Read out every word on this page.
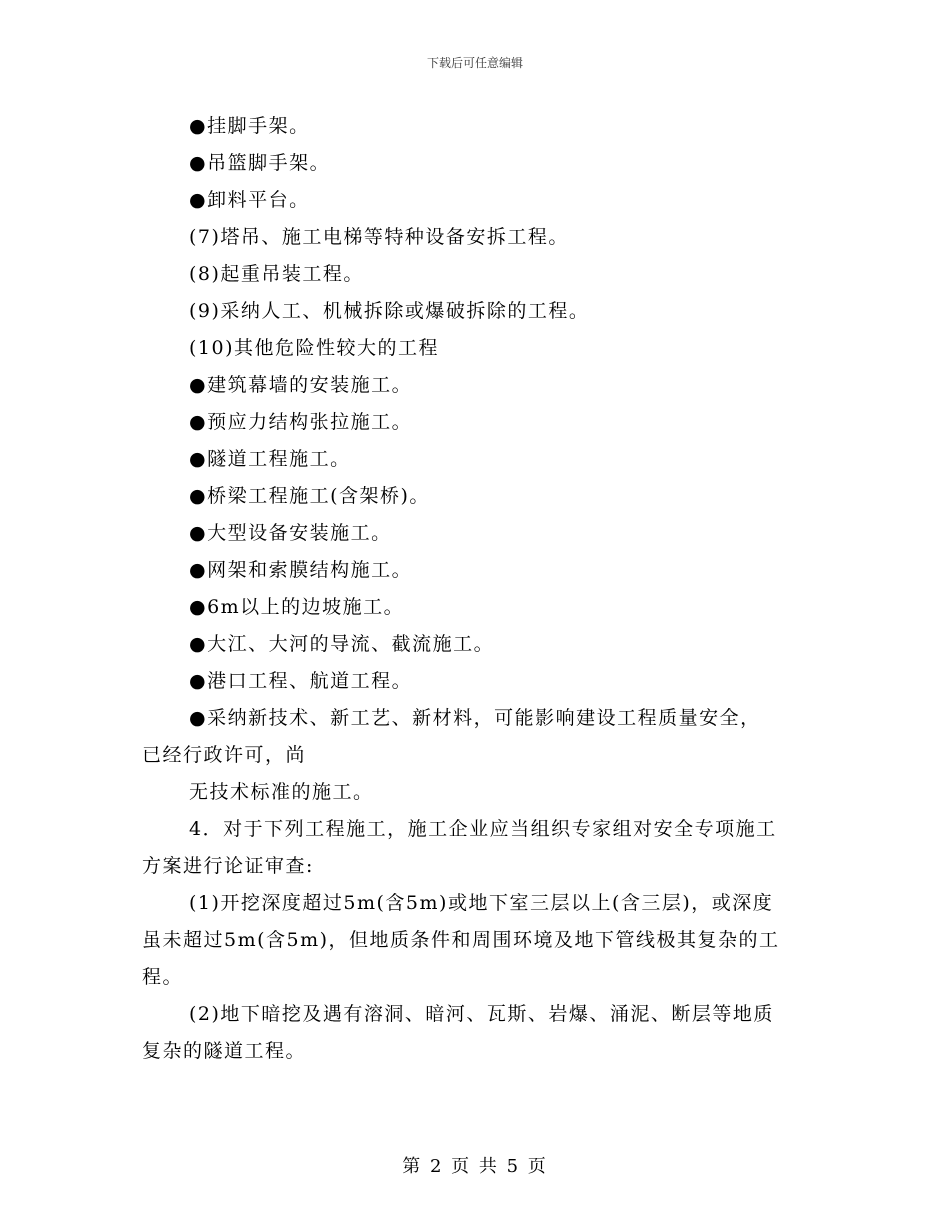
下载后可任意编辑

●挂脚手架。

●吊篮脚手架。

●卸料平台。

(7)塔吊、施工电梯等特种设备安拆工程。

(8)起重吊装工程。

(9)采纳人工、机械拆除或爆破拆除的工程。

(10)其他危险性较大的工程

●建筑幕墙的安装施工。

●预应力结构张拉施工。

●隧道工程施工。

●桥梁工程施工(含架桥)。

●大型设备安装施工。

●网架和索膜结构施工。

●6m以上的边坡施工。

●大江、大河的导流、截流施工。

●港口工程、航道工程。

●采纳新技术、新工艺、新材料，可能影响建设工程质量安全，

已经行政许可，尚

无技术标准的施工。

4．对于下列工程施工，施工企业应当组织专家组对安全专项施工

方案进行论证审查:

(1)开挖深度超过5m(含5m)或地下室三层以上(含三层)，或深度

虽未超过5m(含5m)，但地质条件和周围环境及地下管线极其复杂的工

程。

(2)地下暗挖及遇有溶洞、暗河、瓦斯、岩爆、涌泥、断层等地质

复杂的隧道工程。

第 2 页 共 5 页
